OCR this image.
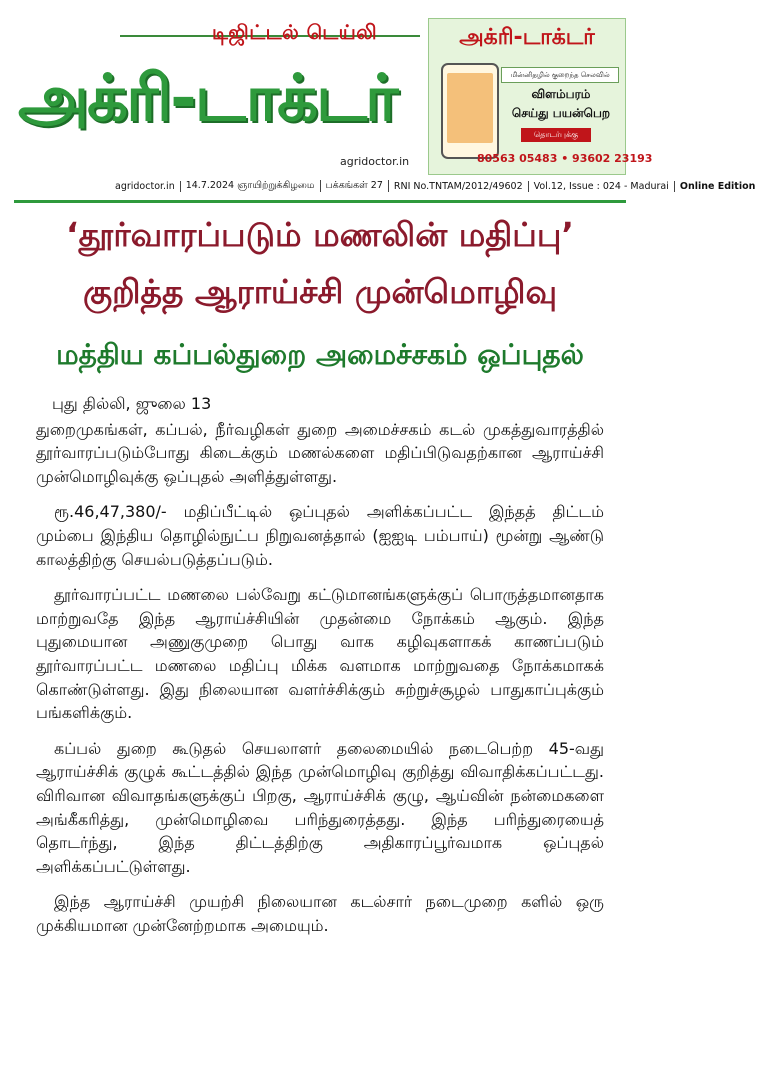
டிஜிட்டல் டெய்லி
அக்ரி-டாக்டர்
agridoctor.in
அக்ரி-டாக்டர்
மின்னிதழில் குறைந்த செலவில்
விளம்பரம்
செய்து பயன்பெற
தொடர்புக்கு
80563 05483 • 93602 23193
agridoctor.in	14.7.2024 ஞாயிற்றுக்கிழமை	பக்கங்கள் 27	RNI No.TNTAM/2012/49602	Vol.12, Issue : 024 - Madurai	Online Edition
‘தூர்வாரப்படும் மணலின் மதிப்பு’
குறித்த ஆராய்ச்சி முன்மொழிவு
மத்திய கப்பல்துறை அமைச்சகம் ஒப்புதல்
புது தில்லி, ஜுலை 13

துறைமுகங்கள், கப்பல், நீர்வழிகள் துறை அமைச்சகம் கடல் முகத்துவாரத்தில் தூர்வாரப்படும்போது கிடைக்கும் மணல்களை மதிப்பிடுவதற்கான ஆராய்ச்சி முன்மொழிவுக்கு ஒப்புதல் அளித்துள்ளது.

ரூ.46,47,380/- மதிப்பீட்டில் ஒப்புதல் அளிக்கப்பட்ட இந்தத் திட்டம் மும்பை இந்திய தொழில்நுட்ப நிறுவனத்தால் (ஐஐடி பம்பாய்) மூன்று ஆண்டு காலத்திற்கு செயல்படுத்தப்படும்.

தூர்வாரப்பட்ட மணலை பல்வேறு கட்டுமானங்களுக்குப் பொருத்தமானதாக மாற்றுவதே இந்த ஆராய்ச்சியின் முதன்மை நோக்கம் ஆகும். இந்த புதுமையான அணுகுமுறை பொது வாக கழிவுகளாகக் காணப்படும் தூர்வாரப்பட்ட மணலை மதிப்பு மிக்க வளமாக மாற்றுவதை நோக்கமாகக் கொண்டுள்ளது. இது நிலையான வளர்ச்சிக்கும் சுற்றுச்சூழல் பாதுகாப்புக்கும் பங்களிக்கும்.

கப்பல் துறை கூடுதல் செயலாளர் தலைமையில் நடைபெற்ற 45-வது ஆராய்ச்சிக் குழுக் கூட்டத்தில் இந்த முன்மொழிவு குறித்து விவாதிக்கப்பட்டது. விரிவான விவாதங்களுக்குப் பிறகு, ஆராய்ச்சிக் குழு, ஆய்வின் நன்மைகளை அங்கீகரித்து, முன்மொழிவை பரிந்துரைத்தது. இந்த பரிந்துரையைத் தொடர்ந்து, இந்த திட்டத்திற்கு அதிகாரப்பூர்வமாக ஒப்புதல் அளிக்கப்பட்டுள்ளது.

இந்த ஆராய்ச்சி முயற்சி நிலையான கடல்சார் நடைமுறை களில் ஒரு முக்கியமான முன்னேற்றமாக அமையும்.
